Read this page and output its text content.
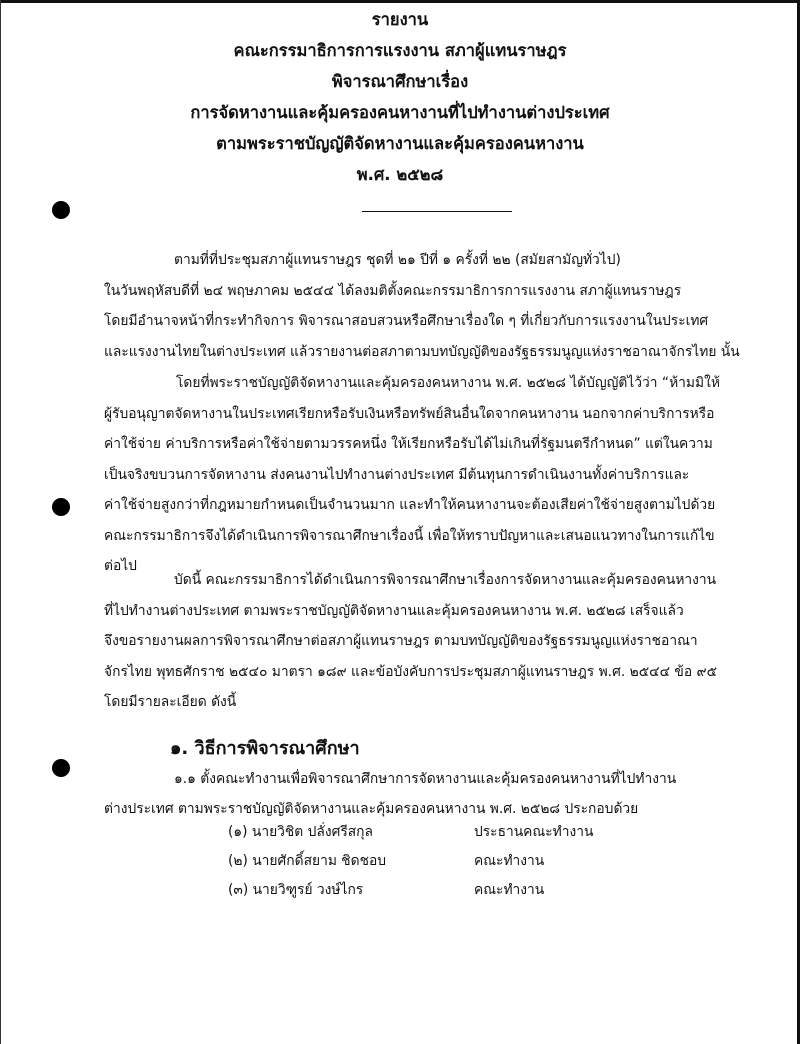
รายงาน
คณะกรรมาธิการการแรงงาน สภาผู้แทนราษฎร
พิจารณาศึกษาเรื่อง
การจัดหางานและคุ้มครองคนหางานที่ไปทำงานต่างประเทศ
ตามพระราชบัญญัติจัดหางานและคุ้มครองคนหางาน
พ.ศ. ๒๕๒๘
ตามที่ที่ประชุมสภาผู้แทนราษฎร ชุดที่ ๒๑ ปีที่ ๑ ครั้งที่ ๒๒ (สมัยสามัญทั่วไป)
ในวันพฤหัสบดีที่ ๒๔ พฤษภาคม ๒๕๔๔ ได้ลงมติตั้งคณะกรรมาธิการการแรงงาน สภาผู้แทนราษฎร
โดยมีอำนาจหน้าที่กระทำกิจการ พิจารณาสอบสวนหรือศึกษาเรื่องใด ๆ ที่เกี่ยวกับการแรงงานในประเทศ
และแรงงานไทยในต่างประเทศ แล้วรายงานต่อสภาตามบทบัญญัติของรัฐธรรมนูญแห่งราชอาณาจักรไทย นั้น
โดยที่พระราชบัญญัติจัดหางานและคุ้มครองคนหางาน พ.ศ. ๒๕๒๘ ได้บัญญัติไว้ว่า “ห้ามมิให้
ผู้รับอนุญาตจัดหางานในประเทศเรียกหรือรับเงินหรือทรัพย์สินอื่นใดจากคนหางาน นอกจากค่าบริการหรือ
ค่าใช้จ่าย ค่าบริการหรือค่าใช้จ่ายตามวรรคหนึ่ง ให้เรียกหรือรับได้ไม่เกินที่รัฐมนตรีกำหนด” แต่ในความ
เป็นจริงขบวนการจัดหางาน ส่งคนงานไปทำงานต่างประเทศ มีต้นทุนการดำเนินงานทั้งค่าบริการและ
ค่าใช้จ่ายสูงกว่าที่กฎหมายกำหนดเป็นจำนวนมาก และทำให้คนหางานจะต้องเสียค่าใช้จ่ายสูงตามไปด้วย
คณะกรรมาธิการจึงได้ดำเนินการพิจารณาศึกษาเรื่องนี้ เพื่อให้ทราบปัญหาและเสนอแนวทางในการแก้ไข
ต่อไป
บัดนี้ คณะกรรมาธิการได้ดำเนินการพิจารณาศึกษาเรื่องการจัดหางานและคุ้มครองคนหางาน
ที่ไปทำงานต่างประเทศ ตามพระราชบัญญัติจัดหางานและคุ้มครองคนหางาน พ.ศ. ๒๕๒๘ เสร็จแล้ว
จึงขอรายงานผลการพิจารณาศึกษาต่อสภาผู้แทนราษฎร ตามบทบัญญัติของรัฐธรรมนูญแห่งราชอาณา
จักรไทย พุทธศักราช ๒๕๔๐ มาตรา ๑๘๙ และข้อบังคับการประชุมสภาผู้แทนราษฎร พ.ศ. ๒๕๔๔ ข้อ ๙๕
โดยมีรายละเอียด ดังนี้
๑. วิธีการพิจารณาศึกษา
๑.๑ ตั้งคณะทำงานเพื่อพิจารณาศึกษาการจัดหางานและคุ้มครองคนหางานที่ไปทำงาน
ต่างประเทศ ตามพระราชบัญญัติจัดหางานและคุ้มครองคนหางาน พ.ศ. ๒๕๒๘ ประกอบด้วย
(๑) นายวิชิต ปลั่งศรีสกุล	ประธานคณะทำงาน
(๒) นายศักดิ์สยาม ชิดชอบ	คณะทำงาน
(๓) นายวิฑูรย์ วงษ์ไกร	คณะทำงาน
